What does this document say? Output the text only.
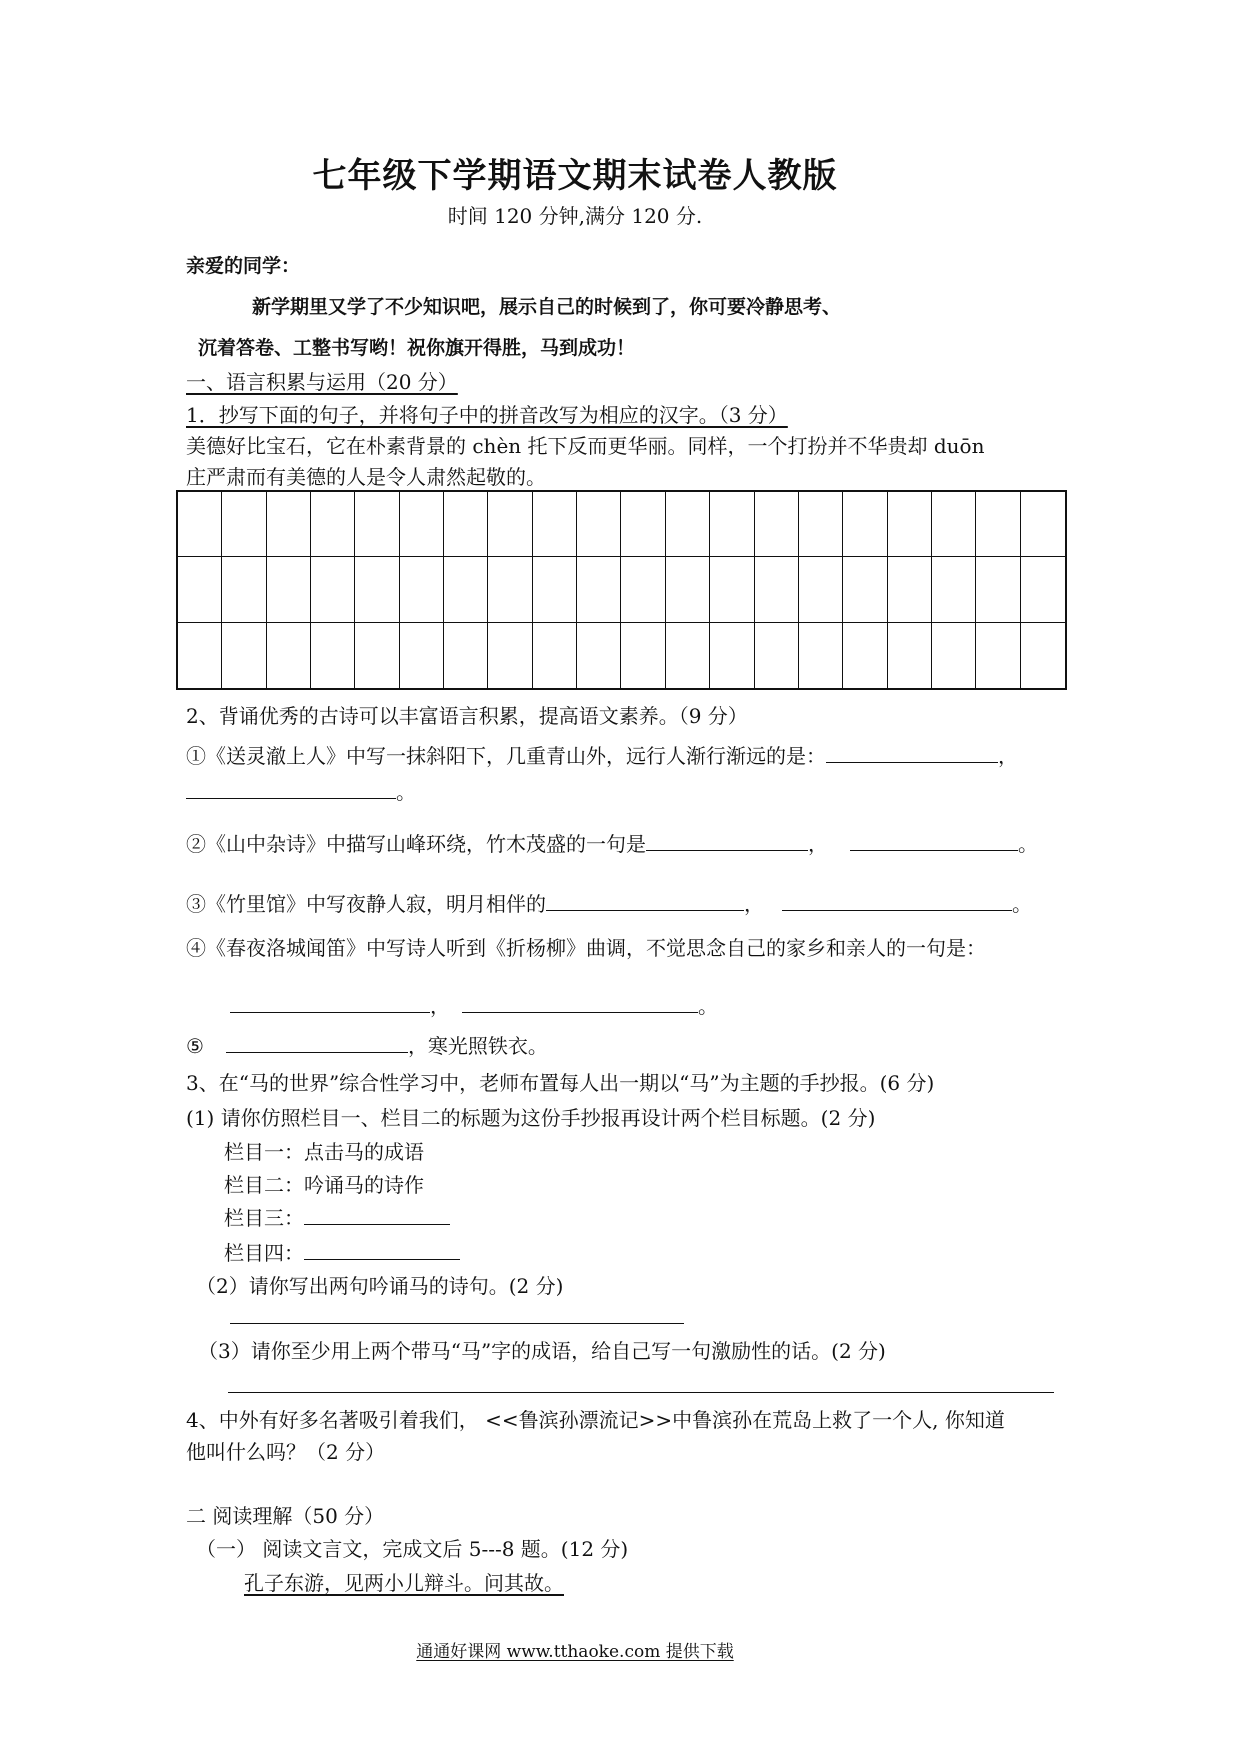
七年级下学期语文期末试卷人教版
时间 120 分钟,满分 120 分.
亲爱的同学：
新学期里又学了不少知识吧，展示自己的时候到了，你可要冷静思考、
沉着答卷、工整书写哟！祝你旗开得胜，马到成功！
一、语言积累与运用（20 分）
1．抄写下面的句子，并将句子中的拼音改写为相应的汉字。（3 分）
美德好比宝石，它在朴素背景的 chèn 托下反而更华丽。同样，一个打扮并不华贵却 duōn
庄严肃而有美德的人是令人肃然起敬的。
2、背诵优秀的古诗可以丰富语言积累，提高语文素养。（9 分）
①《送灵澈上人》中写一抹斜阳下，几重青山外，远行人渐行渐远的是：	，
。
②《山中杂诗》中描写山峰环绕，竹木茂盛的一句是	，	。
③《竹里馆》中写夜静人寂，明月相伴的	，	。
④《春夜洛城闻笛》中写诗人听到《折杨柳》曲调，不觉思念自己的家乡和亲人的一句是：
，	。
⑤	，寒光照铁衣。
3、在“马的世界”综合性学习中，老师布置每人出一期以“马”为主题的手抄报。(6 分)
(1) 请你仿照栏目一、栏目二的标题为这份手抄报再设计两个栏目标题。(2 分)
栏目一：点击马的成语
栏目二：吟诵马的诗作
栏目三：
栏目四：
（2）请你写出两句吟诵马的诗句。(2 分)
（3）请你至少用上两个带马“马”字的成语，给自己写一句激励性的话。(2 分)
4、中外有好多名著吸引着我们， <<鲁滨孙漂流记>>中鲁滨孙在荒岛上救了一个人, 你知道
他叫什么吗？（2 分）
二 阅读理解（50 分）
（一） 阅读文言文，完成文后 5---8 题。(12 分)
孔子东游，见两小儿辩斗。问其故。
通通好课网 www.tthaoke.com 提供下载
